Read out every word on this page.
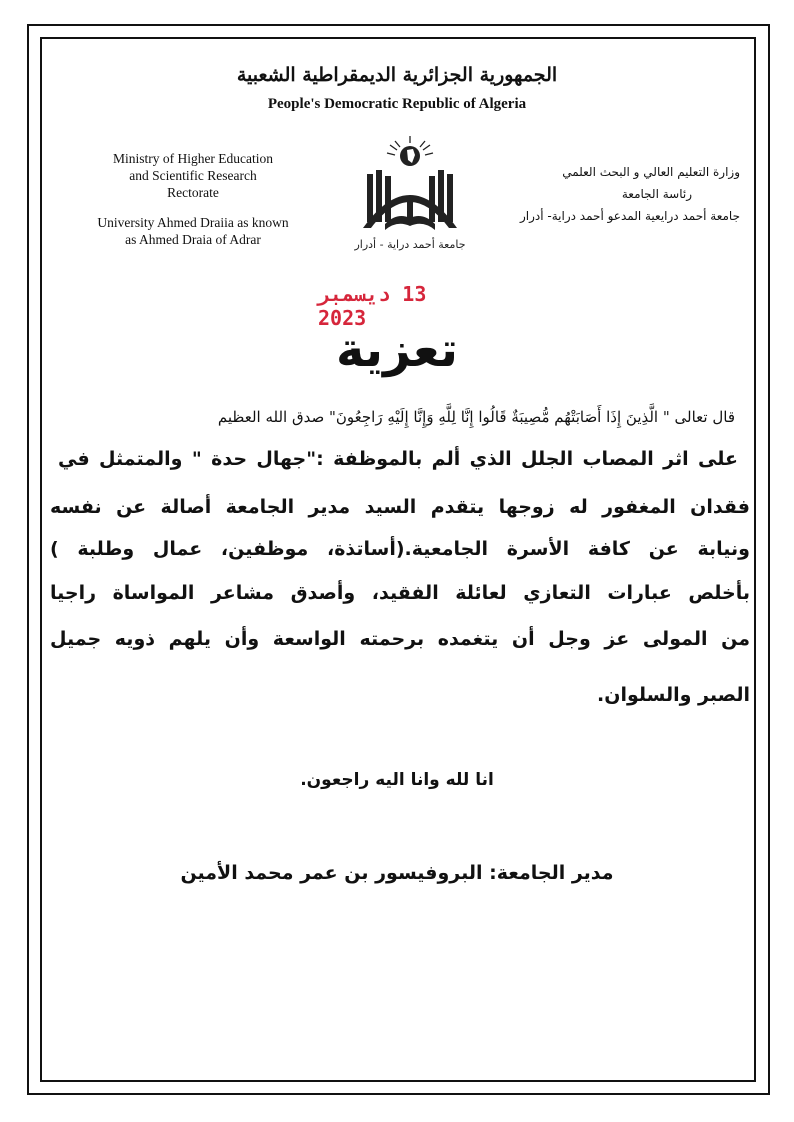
الجمهورية الجزائرية الديمقراطية الشعبية
People's Democratic Republic of Algeria
Ministry of Higher Education
and Scientific Research
Rectorate
University Ahmed Draiia as known
as Ahmed Draia of Adrar
وزارة التعليم العالي و البحث العلمي
رئاسة الجامعة
جامعة أحمد درايعية المدعو أحمد دراية- أدرار
جامعة أحمد دراية - أدرار
13 ديسمبر 2023
تعزية
قال تعالى " الَّذِينَ إِذَا أَصَابَتْهُم مُّصِيبَةٌ قَالُوا إِنَّا لِلَّهِ وَإِنَّا إِلَيْهِ رَاجِعُونَ" صدق الله العظيم
على اثر المصاب الجلل الذي ألم بالموظفة :"جهال حدة " والمتمثل في
فقدان المغفور له زوجها يتقدم السيد مدير الجامعة أصالة عن نفسه
ونيابة عن كافة الأسرة الجامعية.(أساتذة، موظفين، عمال وطلبة )
بأخلص عبارات التعازي لعائلة الفقيد، وأصدق مشاعر المواساة راجيا
من المولى عز وجل أن يتغمده برحمته الواسعة وأن يلهم ذويه جميل
الصبر والسلوان.
انا لله وانا اليه راجعون.
مدير الجامعة: البروفيسور بن عمر محمد الأمين
